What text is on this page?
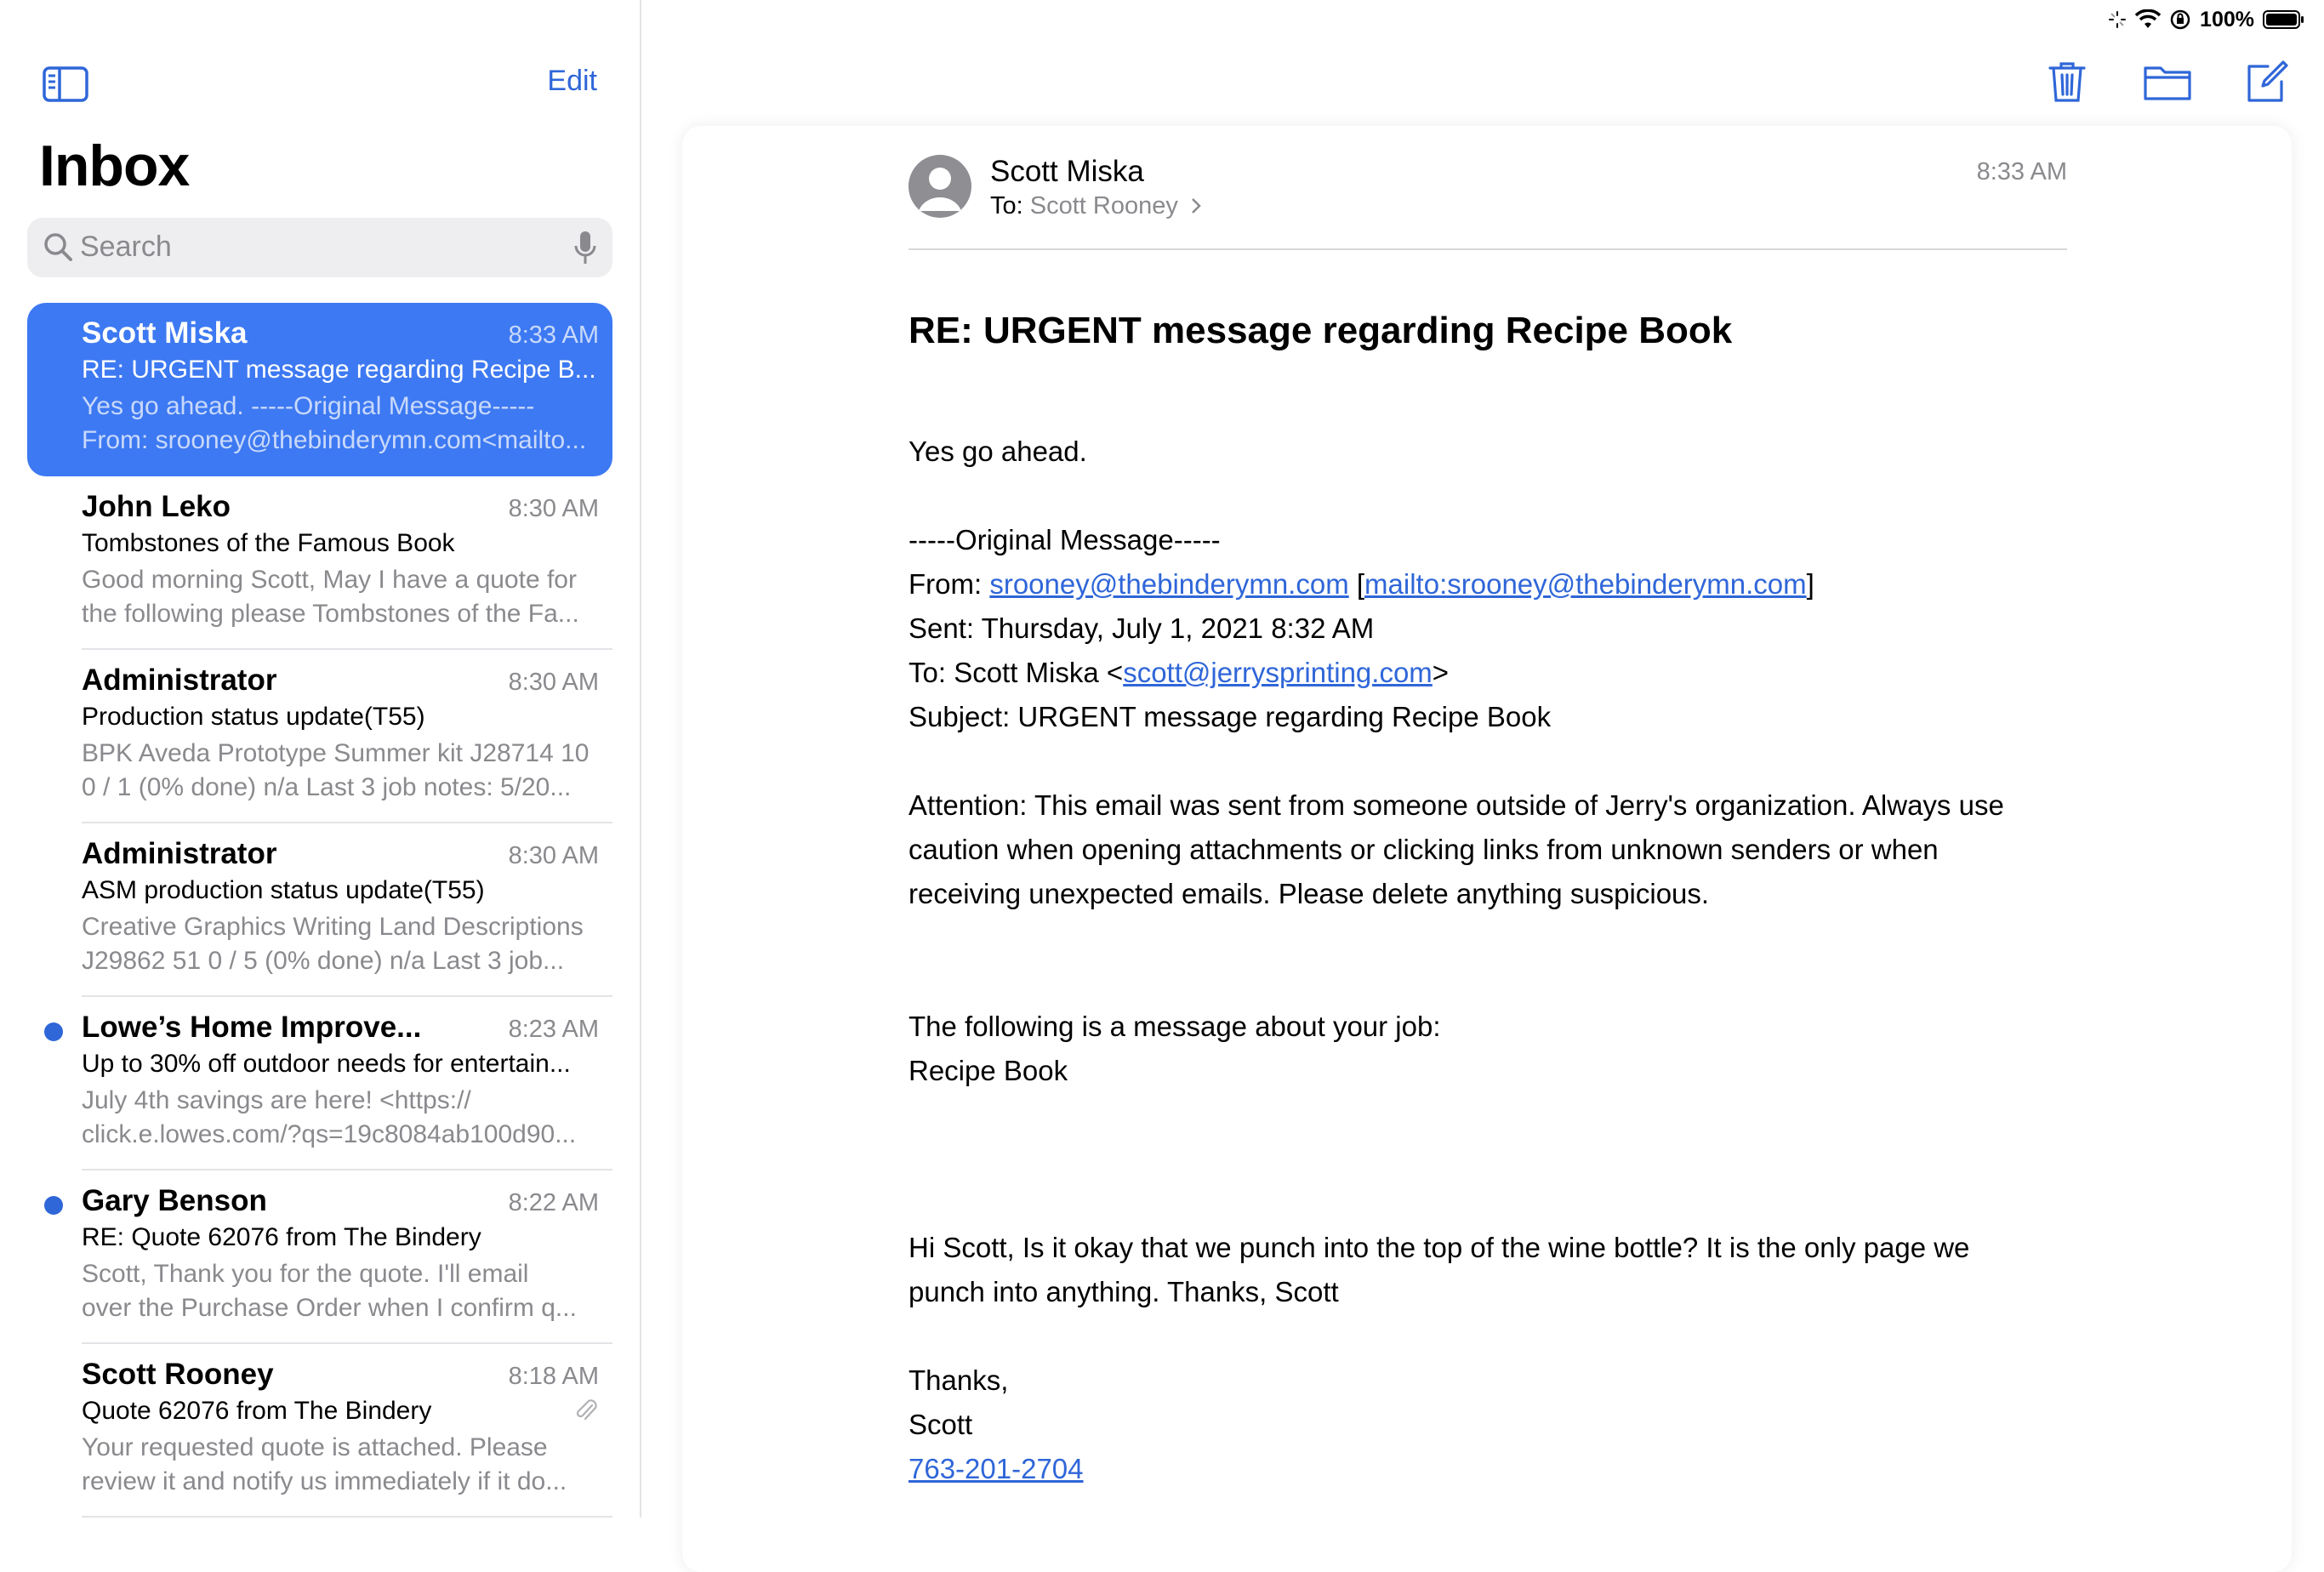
100%
Edit
Inbox
Search
Scott Miska	8:33 AM
RE: URGENT message regarding Recipe B...
Yes go ahead. -----Original Message-----
From: srooney@thebinderymn.com<mailto...
John Leko	8:30 AM
Tombstones of the Famous Book
Good morning Scott, May I have a quote for
the following please Tombstones of the Fa...
Administrator	8:30 AM
Production status update(T55)
BPK Aveda Prototype Summer kit J28714 10
0 / 1 (0% done) n/a Last 3 job notes: 5/20...
Administrator	8:30 AM
ASM production status update(T55)
Creative Graphics Writing Land Descriptions
J29862 51 0 / 5 (0% done) n/a Last 3 job...
Lowe’s Home Improve...	8:23 AM
Up to 30% off outdoor needs for entertain...
July 4th savings are here! <https://
click.e.lowes.com/?qs=19c8084ab100d90...
Gary Benson	8:22 AM
RE: Quote 62076 from The Bindery
Scott, Thank you for the quote. I'll email
over the Purchase Order when I confirm q...
Scott Rooney	8:18 AM
Quote 62076 from The Bindery
Your requested quote is attached. Please
review it and notify us immediately if it do...
Scott Miska
To: Scott Rooney
8:33 AM
RE: URGENT message regarding Recipe Book
Yes go ahead.
-----Original Message-----
From: srooney@thebinderymn.com [mailto:srooney@thebinderymn.com]
Sent: Thursday, July 1, 2021 8:32 AM
To: Scott Miska <scott@jerrysprinting.com>
Subject: URGENT message regarding Recipe Book
Attention: This email was sent from someone outside of Jerry's organization. Always use
caution when opening attachments or clicking links from unknown senders or when
receiving unexpected emails. Please delete anything suspicious.
The following is a message about your job:
Recipe Book
Hi Scott, Is it okay that we punch into the top of the wine bottle? It is the only page we
punch into anything. Thanks, Scott
Thanks,
Scott
763-201-2704
